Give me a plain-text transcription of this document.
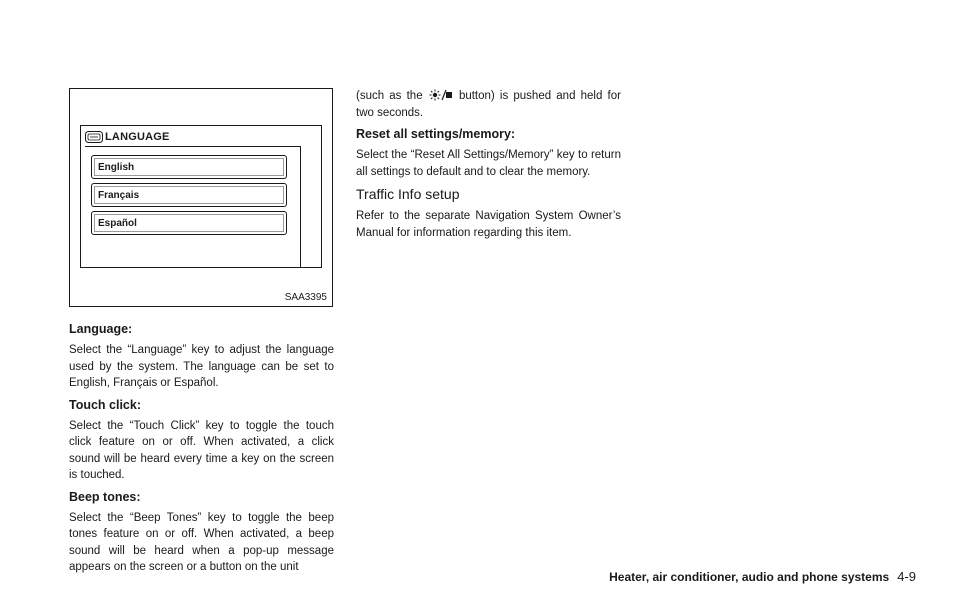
LANGUAGE
English
Français
Español
SAA3395
Language:
Select the “Language” key to adjust the language used by the system. The language can be set to English, Français or Español.
Touch click:
Select the “Touch Click” key to toggle the touch click feature on or off. When activated, a click sound will be heard every time a key on the screen is touched.
Beep tones:
Select the “Beep Tones” key to toggle the beep tones feature on or off. When activated, a beep sound will be heard when a pop-up message appears on the screen or a button on the unit
(such as the	button) is pushed and held for two seconds.
Reset all settings/memory:
Select the “Reset All Settings/Memory” key to return all settings to default and to clear the memory.
Traffic Info setup
Refer to the separate Navigation System Owner’s Manual for information regarding this item.
Heater, air conditioner, audio and phone systems 4-9
